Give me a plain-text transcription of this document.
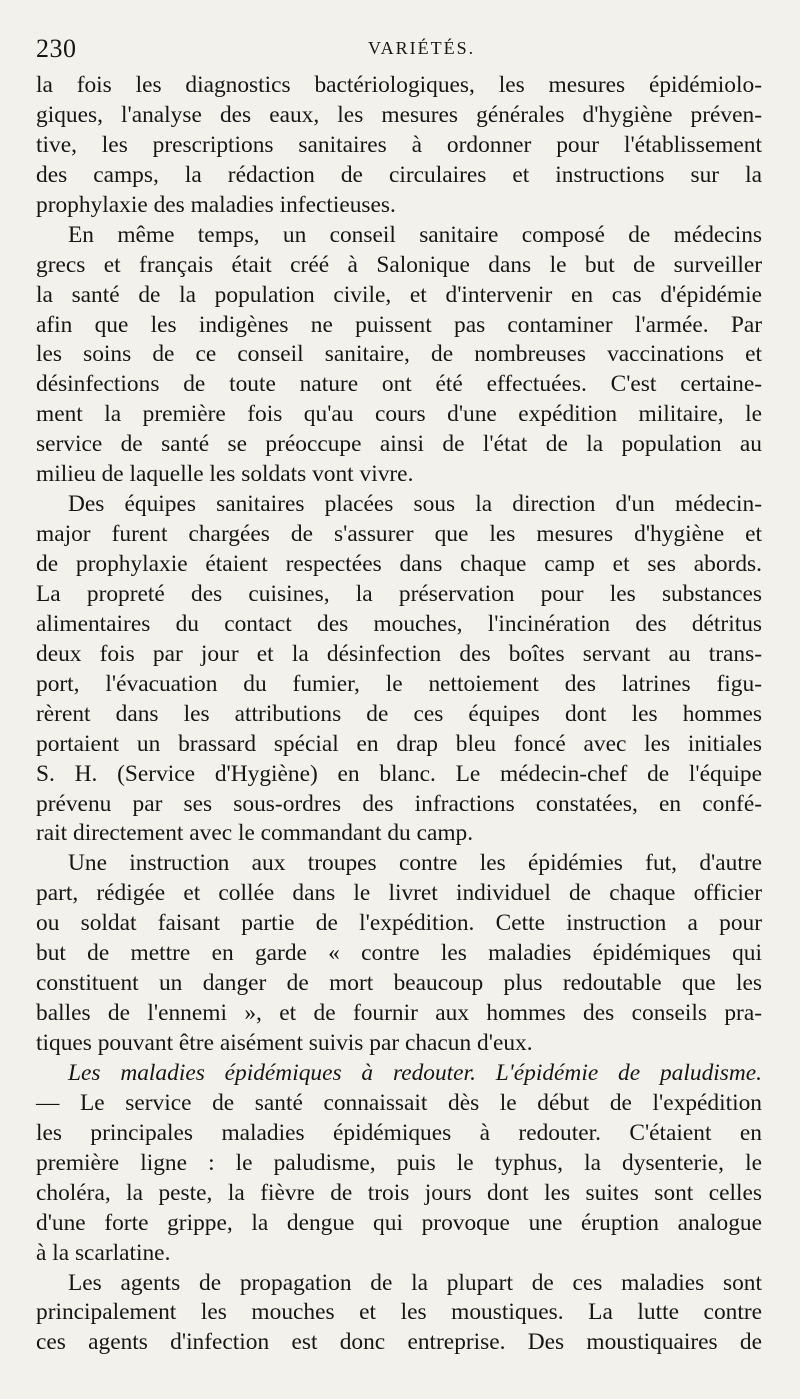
230	VARIÉTÉS.
la fois les diagnostics bactériologiques, les mesures épidémiolo-
giques, l'analyse des eaux, les mesures générales d'hygiène préven-
tive, les prescriptions sanitaires à ordonner pour l'établissement
des camps, la rédaction de circulaires et instructions sur la
prophylaxie des maladies infectieuses.
En même temps, un conseil sanitaire composé de médecins
grecs et français était créé à Salonique dans le but de surveiller
la santé de la population civile, et d'intervenir en cas d'épidémie
afin que les indigènes ne puissent pas contaminer l'armée. Par
les soins de ce conseil sanitaire, de nombreuses vaccinations et
désinfections de toute nature ont été effectuées. C'est certaine-
ment la première fois qu'au cours d'une expédition militaire, le
service de santé se préoccupe ainsi de l'état de la population au
milieu de laquelle les soldats vont vivre.
Des équipes sanitaires placées sous la direction d'un médecin-
major furent chargées de s'assurer que les mesures d'hygiène et
de prophylaxie étaient respectées dans chaque camp et ses abords.
La propreté des cuisines, la préservation pour les substances
alimentaires du contact des mouches, l'incinération des détritus
deux fois par jour et la désinfection des boîtes servant au trans-
port, l'évacuation du fumier, le nettoiement des latrines figu-
rèrent dans les attributions de ces équipes dont les hommes
portaient un brassard spécial en drap bleu foncé avec les initiales
S. H. (Service d'Hygiène) en blanc. Le médecin-chef de l'équipe
prévenu par ses sous-ordres des infractions constatées, en confé-
rait directement avec le commandant du camp.
Une instruction aux troupes contre les épidémies fut, d'autre
part, rédigée et collée dans le livret individuel de chaque officier
ou soldat faisant partie de l'expédition. Cette instruction a pour
but de mettre en garde « contre les maladies épidémiques qui
constituent un danger de mort beaucoup plus redoutable que les
balles de l'ennemi », et de fournir aux hommes des conseils pra-
tiques pouvant être aisément suivis par chacun d'eux.
Les maladies épidémiques à redouter. L'épidémie de paludisme.
— Le service de santé connaissait dès le début de l'expédition
les principales maladies épidémiques à redouter. C'étaient en
première ligne : le paludisme, puis le typhus, la dysenterie, le
choléra, la peste, la fièvre de trois jours dont les suites sont celles
d'une forte grippe, la dengue qui provoque une éruption analogue
à la scarlatine.
Les agents de propagation de la plupart de ces maladies sont
principalement les mouches et les moustiques. La lutte contre
ces agents d'infection est donc entreprise. Des moustiquaires de
